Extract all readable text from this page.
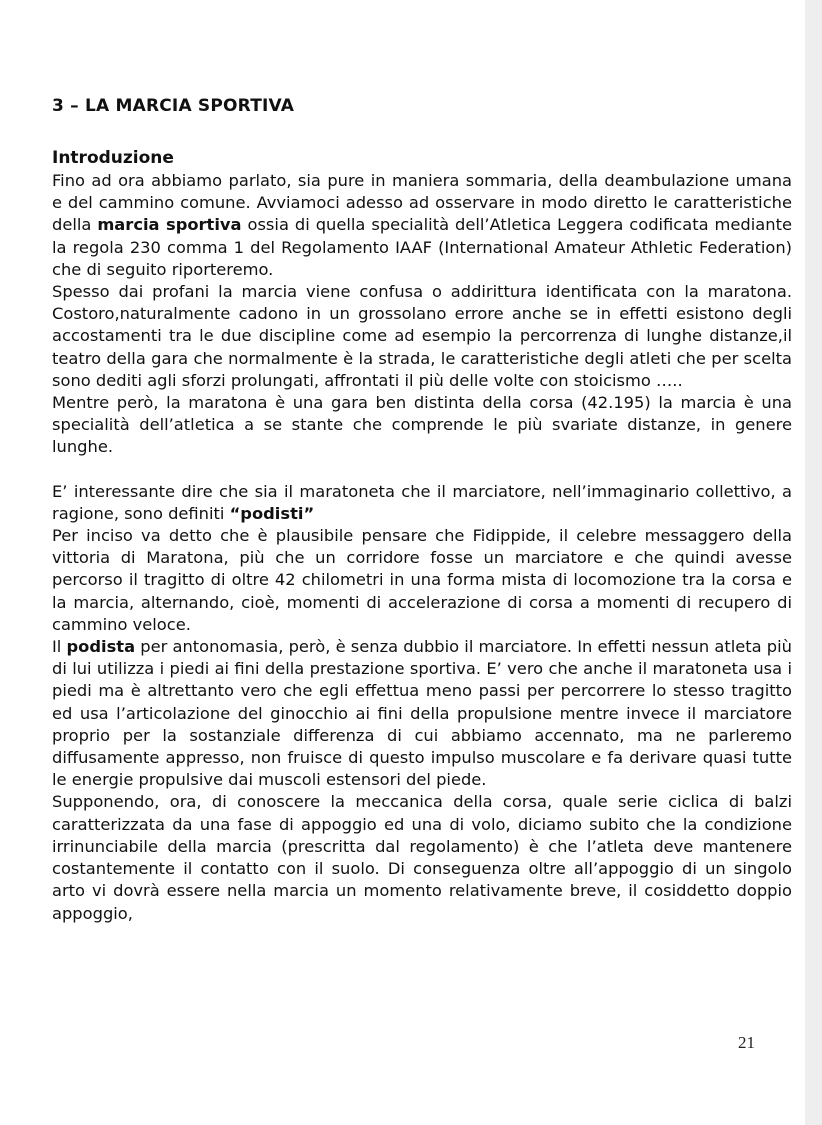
3 – LA MARCIA SPORTIVA
Introduzione

Fino ad ora abbiamo parlato, sia pure in maniera sommaria, della deambulazione umana e del cammino comune. Avviamoci adesso ad osservare in modo diretto le caratteristiche della marcia sportiva ossia di quella specialità dell’Atletica Leggera codificata mediante la regola 230 comma 1 del Regolamento IAAF (International Amateur Athletic Federation) che di seguito riporteremo.

Spesso dai profani la marcia viene confusa o addirittura identificata con la maratona. Costoro,naturalmente cadono in un grossolano errore anche se in effetti esistono degli accostamenti tra le due discipline come ad esempio la percorrenza di lunghe distanze,il teatro della gara che normalmente è la strada, le caratteristiche degli atleti che per scelta sono dediti agli sforzi prolungati, affrontati il più delle volte con stoicismo …..

Mentre però, la maratona è una gara ben distinta della corsa (42.195) la marcia è una specialità dell’atletica a se stante che comprende le più svariate distanze, in genere lunghe.

E’ interessante dire che sia il maratoneta che il marciatore, nell’immaginario collettivo, a ragione, sono definiti “podisti”

Per inciso va detto che è plausibile pensare che Fidippide, il celebre messaggero della vittoria di Maratona, più che un corridore fosse un marciatore e che quindi avesse percorso il tragitto di oltre 42 chilometri in una forma mista di locomozione tra la corsa e la marcia, alternando, cioè, momenti di accelerazione di corsa a momenti di recupero di cammino veloce.

Il podista per antonomasia, però, è senza dubbio il marciatore. In effetti nessun atleta più di lui utilizza i piedi ai fini della prestazione sportiva. E’ vero che anche il maratoneta usa i piedi ma è altrettanto vero che egli effettua meno passi per percorrere lo stesso tragitto ed usa l’articolazione del ginocchio ai fini della propulsione mentre invece il marciatore proprio per la sostanziale differenza di cui abbiamo accennato, ma ne parleremo diffusamente appresso, non fruisce di questo impulso muscolare e fa derivare quasi tutte le energie propulsive dai muscoli estensori del piede.

Supponendo, ora, di conoscere la meccanica della corsa, quale serie ciclica di balzi caratterizzata da una fase di appoggio ed una di volo, diciamo subito che la condizione irrinunciabile della marcia (prescritta dal regolamento) è che l’atleta deve mantenere costantemente il contatto con il suolo. Di conseguenza oltre all’appoggio di un singolo arto vi dovrà essere nella marcia un momento relativamente breve, il cosiddetto doppio appoggio,

21
